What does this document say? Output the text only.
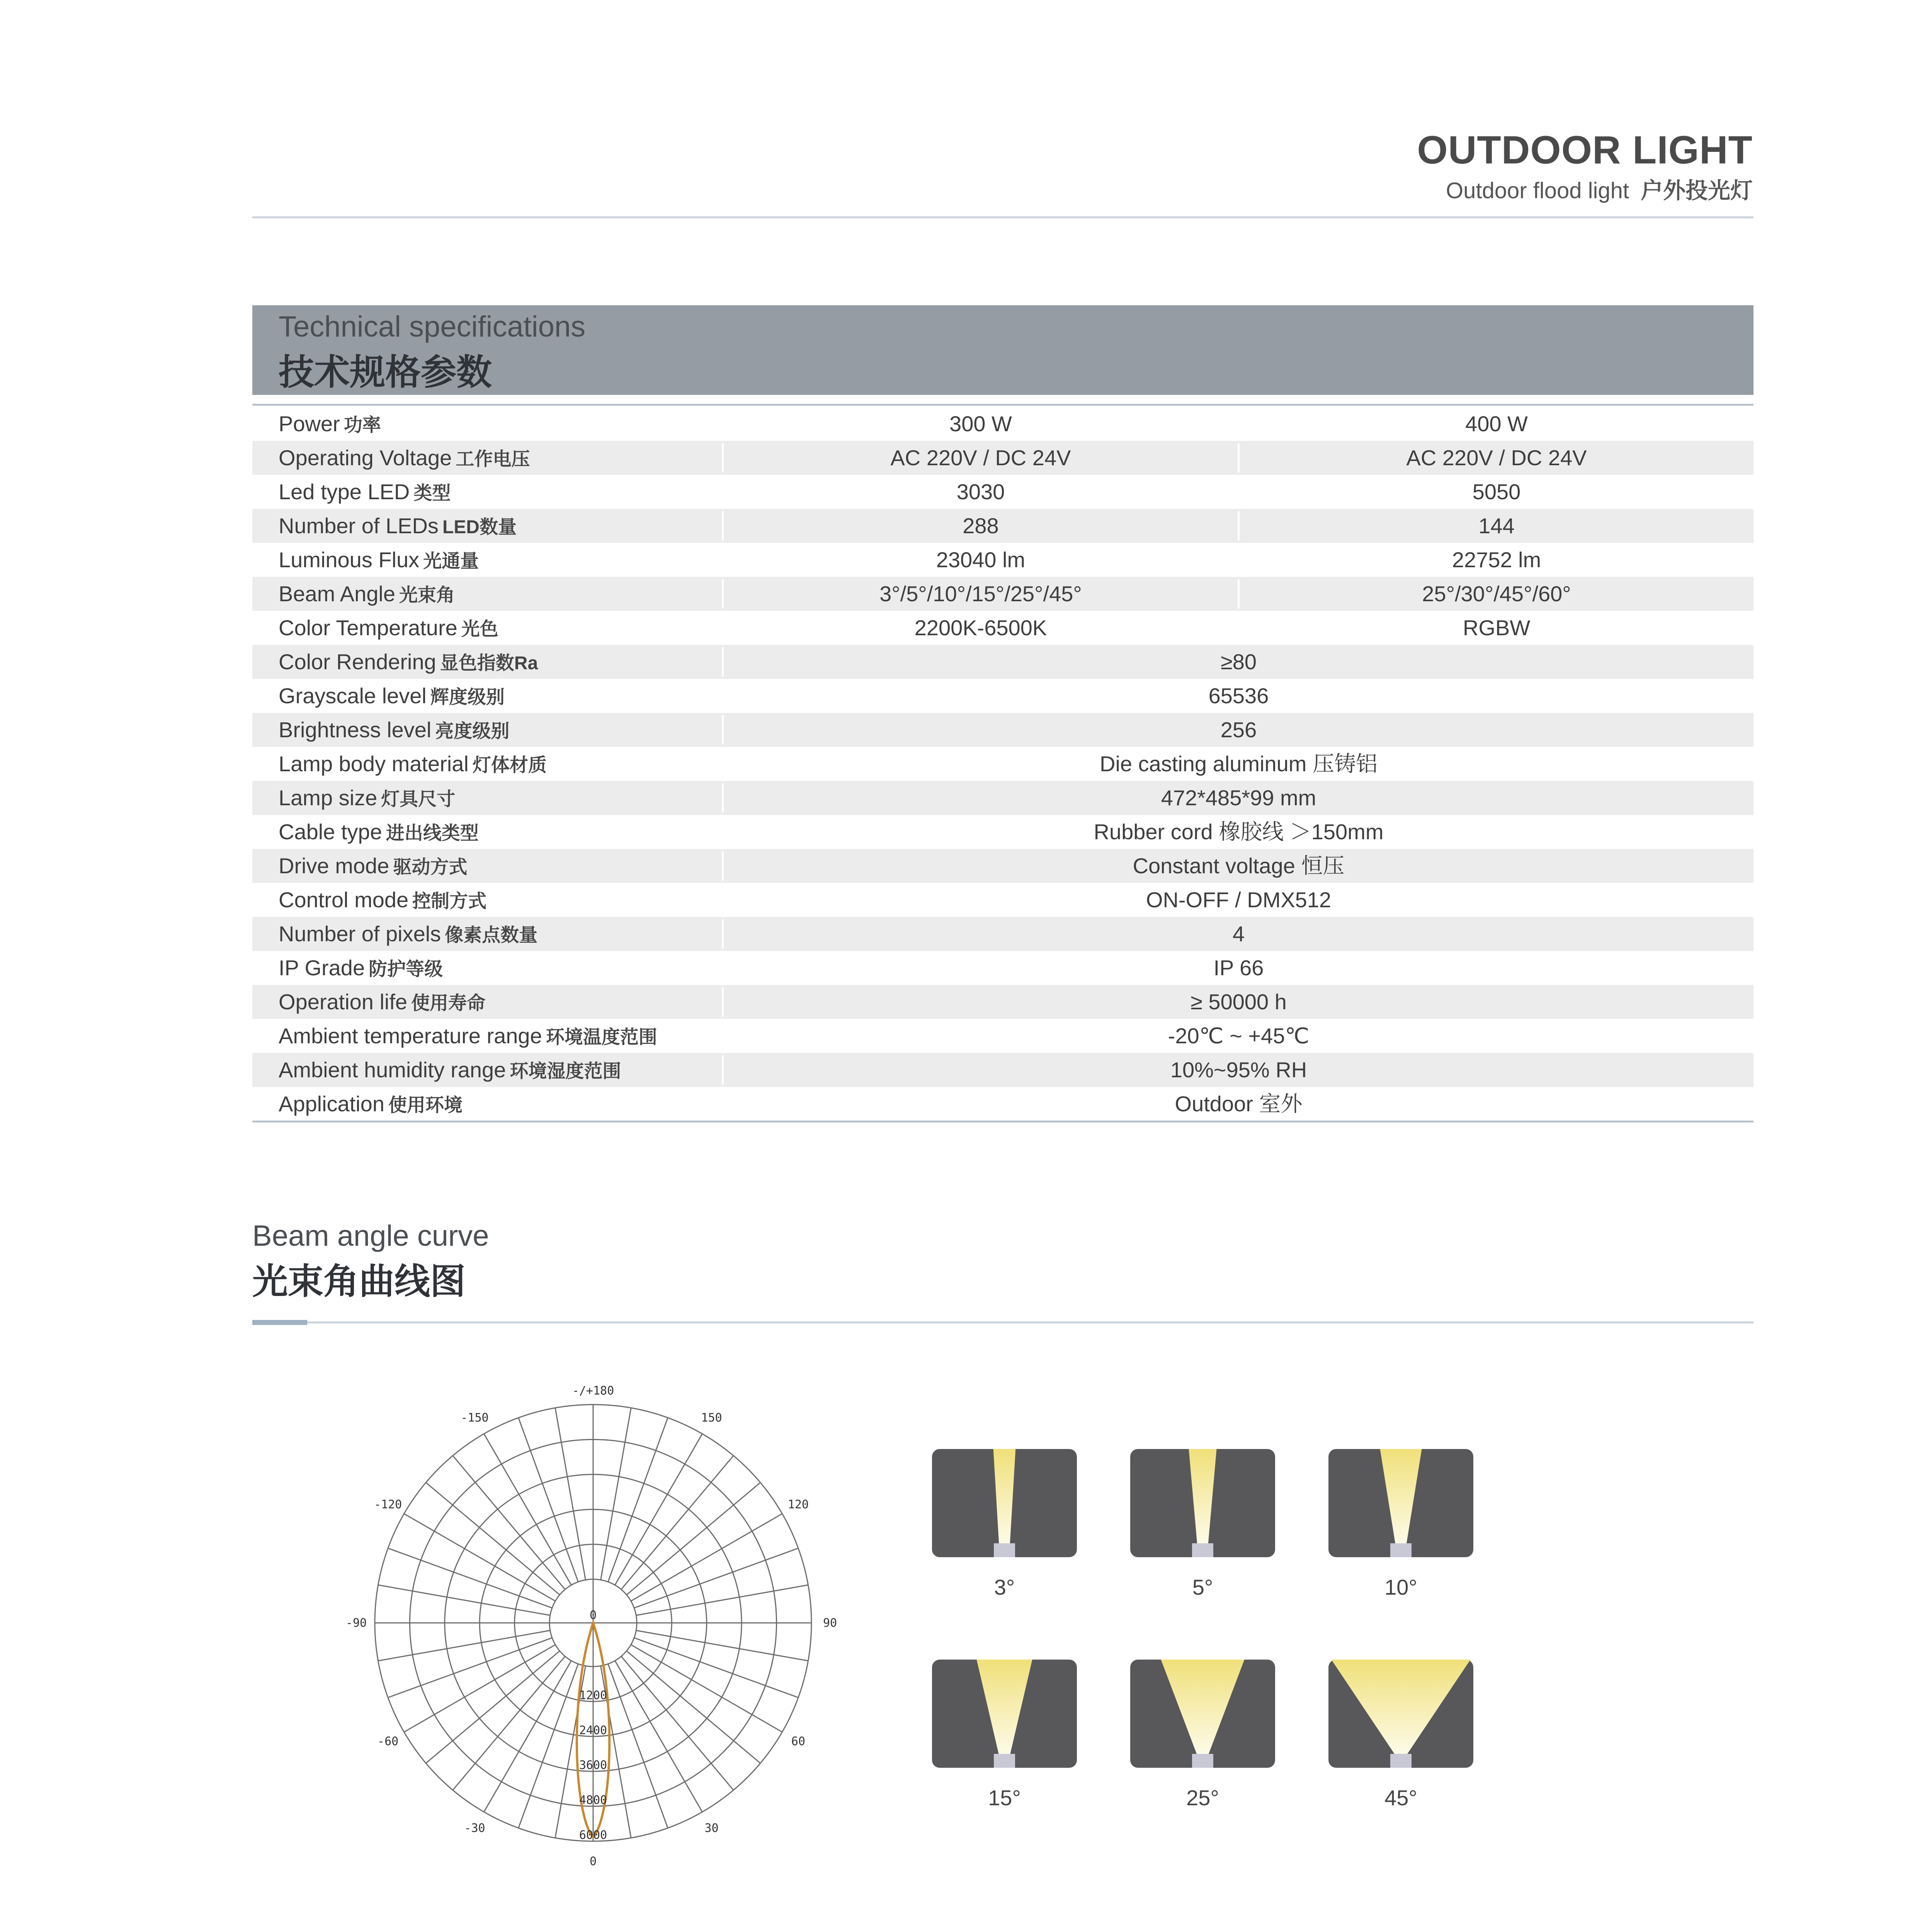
OUTDOOR LIGHT
Outdoor flood light 户外投光灯
Technical specifications
技术规格参数
Power 功率	300 W	400 W
Operating Voltage 工作电压	AC 220V / DC 24V	AC 220V / DC 24V
Led type LED 类型	3030	5050
Number of LEDs LED数量	288	144
Luminous Flux 光通量	23040 lm	22752 lm
Beam Angle 光束角	3°/5°/10°/15°/25°/45°	25°/30°/45°/60°
Color Temperature 光色	2200K-6500K	RGBW
Color Rendering 显色指数Ra	≥80
Grayscale level 辉度级别	65536
Brightness level 亮度级别	256
Lamp body material 灯体材质	Die casting aluminum 压铸铝
Lamp size 灯具尺寸	472*485*99 mm
Cable type 进出线类型	Rubber cord 橡胶线 ＞150mm
Drive mode 驱动方式	Constant voltage 恒压
Control mode 控制方式	ON-OFF / DMX512
Number of pixels 像素点数量	4
IP Grade 防护等级	IP 66
Operation life 使用寿命	≥ 50000 h
Ambient temperature range 环境温度范围	-20℃ ~ +45℃
Ambient humidity range 环境湿度范围	10%~95% RH
Application 使用环境	Outdoor 室外
Beam angle curve
光束角曲线图
-/+180
0
0
150
120
90
60
30
-30
-60
-90
-120
-150
1200
2400
3600
4800
6000
3°	5°	10°
15°	25°	45°
